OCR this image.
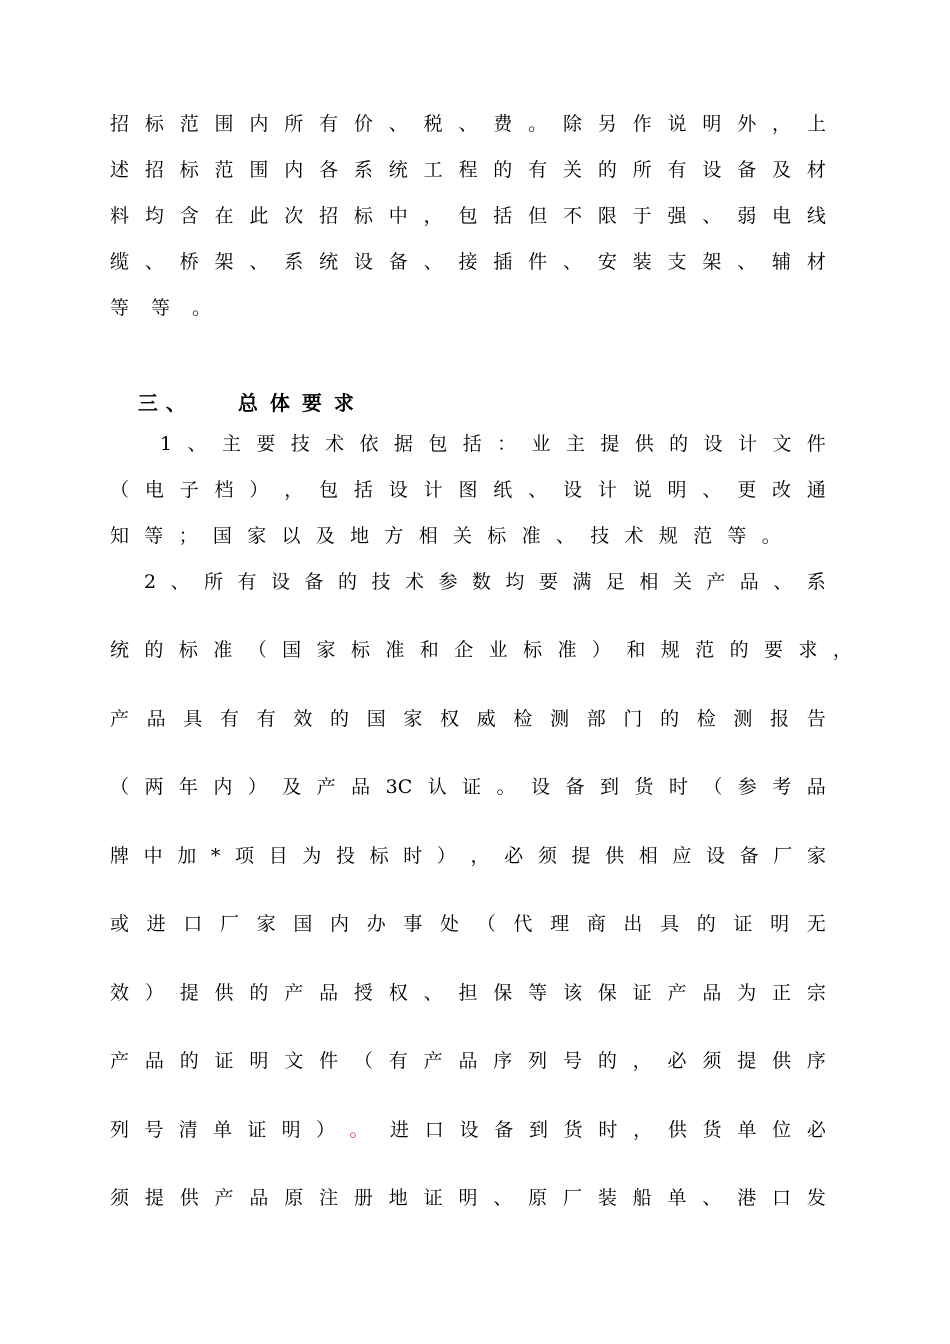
招 标 范 围 内 所 有 价 、 税 、 费 。 除 另 作 说 明 外 ， 上
述 招 标 范 围 内 各 系 统 工 程 的 有 关 的 所 有 设 备 及 材
料 均 含 在 此 次 招 标 中 ， 包 括 但 不 限 于 强 、 弱 电 线
缆 、 桥 架 、 系 统 设 备 、 接 插 件 、 安 装 支 架 、 辅 材
等等。

三、 总体要求

1 、 主 要 技 术 依 据 包 括 ： 业 主 提 供 的 设 计 文 件
（ 电 子 档 ） ， 包 括 设 计 图 纸 、 设 计 说 明 、 更 改 通
知等；国家以及地方相关标准、技术规范等。
2 、 所 有 设 备 的 技 术 参 数 均 要 满 足 相 关 产 品 、 系
统 的 标 准 （ 国 家 标 准 和 企 业 标 准 ） 和 规 范 的 要 求 ，
产 品 具 有 有 效 的 国 家 权 威 检 测 部 门 的 检 测 报 告
（ 两 年 内 ） 及 产 品 3C 认 证 。 设 备 到 货 时 （ 参 考 品
牌 中 加 * 项 目 为 投 标 时 ） ， 必 须 提 供 相 应 设 备 厂 家
或 进 口 厂 家 国 内 办 事 处 （ 代 理 商 出 具 的 证 明 无
效 ） 提 供 的 产 品 授 权 、 担 保 等 该 保 证 产 品 为 正 宗
产 品 的 证 明 文 件 （ 有 产 品 序 列 号 的 ， 必 须 提 供 序
列 号 清 单 证 明 ） 。	进 口 设 备 到 货 时 ， 供 货 单 位 必
须 提 供 产 品 原 注 册 地 证 明 、 原 厂 装 船 单 、 港 口 发
